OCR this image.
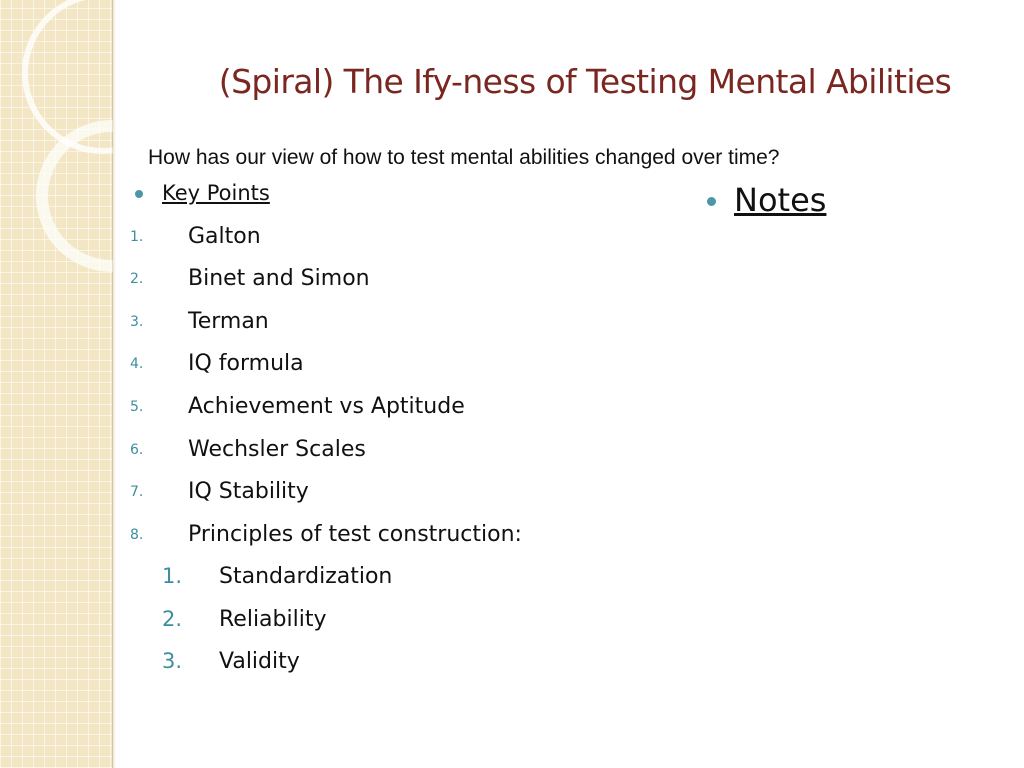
(Spiral) The Ify-ness of Testing Mental Abilities
How has our view of how to test mental abilities changed over time?
Key Points	Notes
1. Galton
2. Binet and Simon
3. Terman
4. IQ formula
5. Achievement vs Aptitude
6. Wechsler Scales
7. IQ Stability
8. Principles of test construction:
1. Standardization
2. Reliability
3. Validity
